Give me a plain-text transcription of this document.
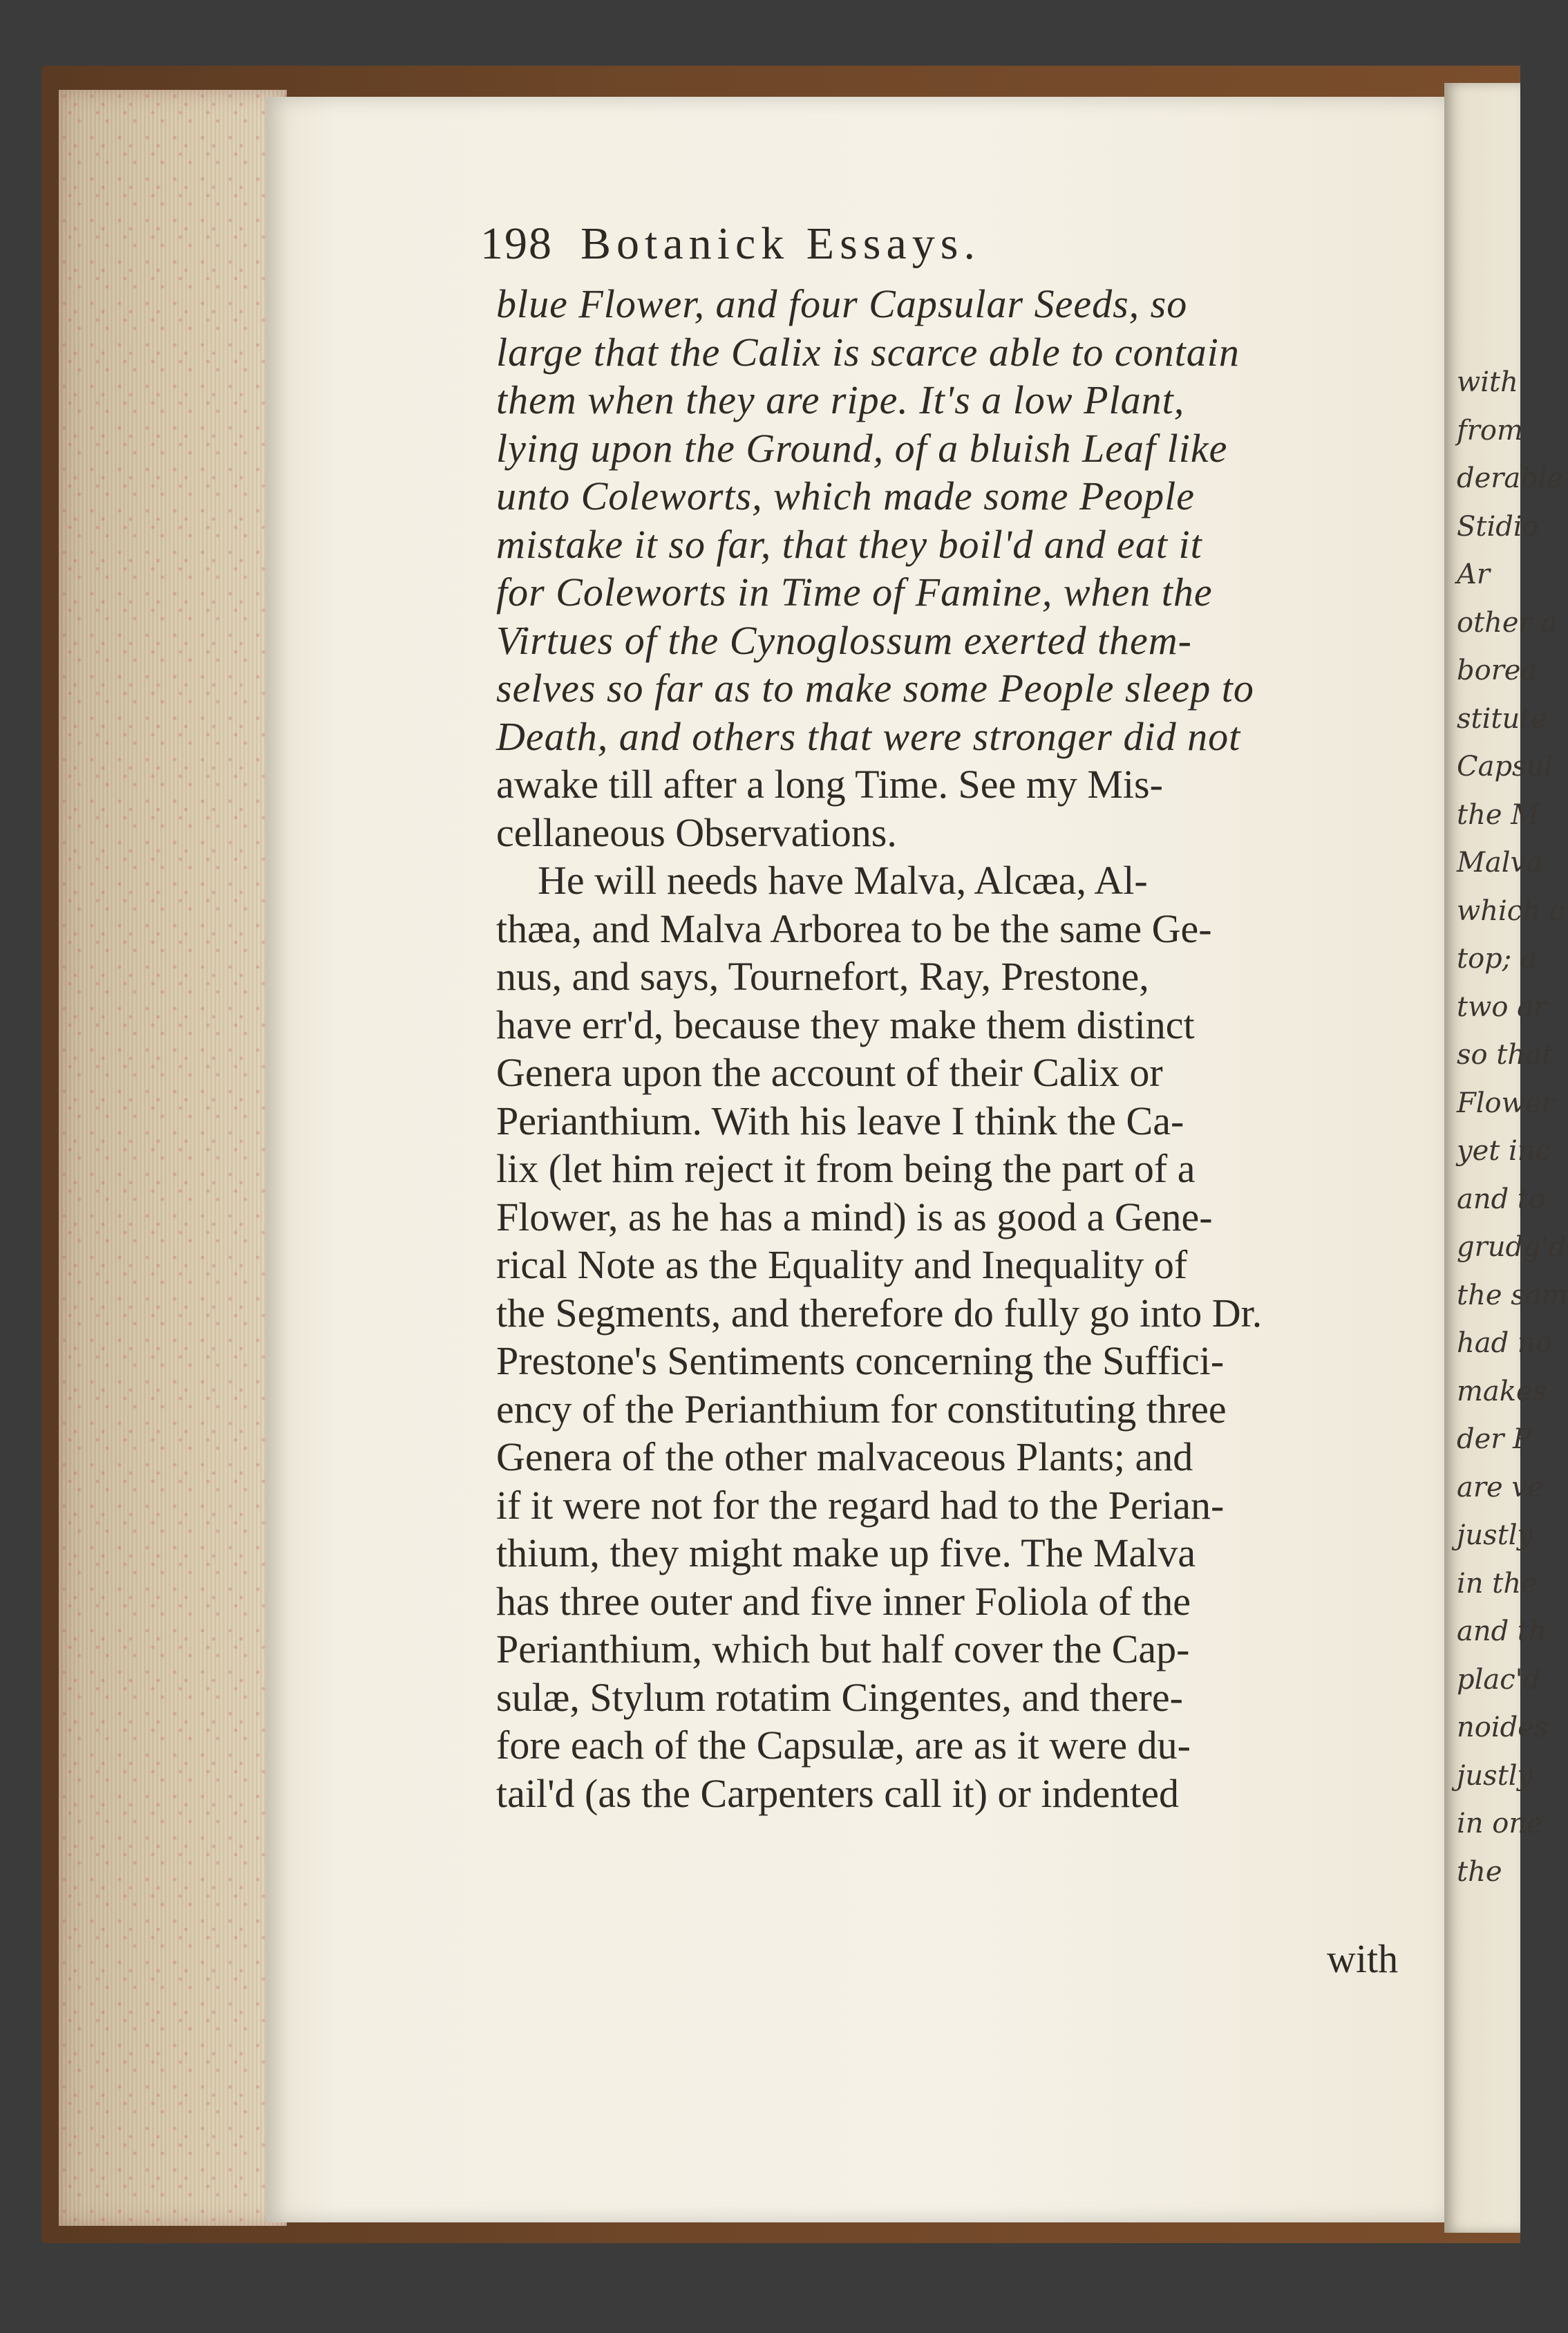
with
from
derable
Stidio
Ar
other a
borea
stitute
Capsul
the M
Malva
which c
top; a
two ar
so that
Flower
yet inc
and to
grudg'd
the sam
had no
makes
der P
are ve
justly
in the
and th
plac'd
noides
justly
in one
the
198 Botanick Essays.
blue Flower, and four Capsular Seeds, so
large that the Calix is scarce able to contain
them when they are ripe. It's a low Plant,
lying upon the Ground, of a bluish Leaf like
unto Coleworts, which made some People
mistake it so far, that they boil'd and eat it
for Coleworts in Time of Famine, when the
Virtues of the Cynoglossum exerted them-
selves so far as to make some People sleep to
Death, and others that were stronger did not
awake till after a long Time. See my Mis-
cellaneous Observations.
He will needs have Malva, Alcæa, Al-
thæa, and Malva Arborea to be the same Ge-
nus, and says, Tournefort, Ray, Prestone,
have err'd, because they make them distinct
Genera upon the account of their Calix or
Perianthium. With his leave I think the Ca-
lix (let him reject it from being the part of a
Flower, as he has a mind) is as good a Gene-
rical Note as the Equality and Inequality of
the Segments, and therefore do fully go into Dr.
Prestone's Sentiments concerning the Suffici-
ency of the Perianthium for constituting three
Genera of the other malvaceous Plants; and
if it were not for the regard had to the Perian-
thium, they might make up five. The Malva
has three outer and five inner Foliola of the
Perianthium, which but half cover the Cap-
sulæ, Stylum rotatim Cingentes, and there-
fore each of the Capsulæ, are as it were du-
tail'd (as the Carpenters call it) or indented
with
